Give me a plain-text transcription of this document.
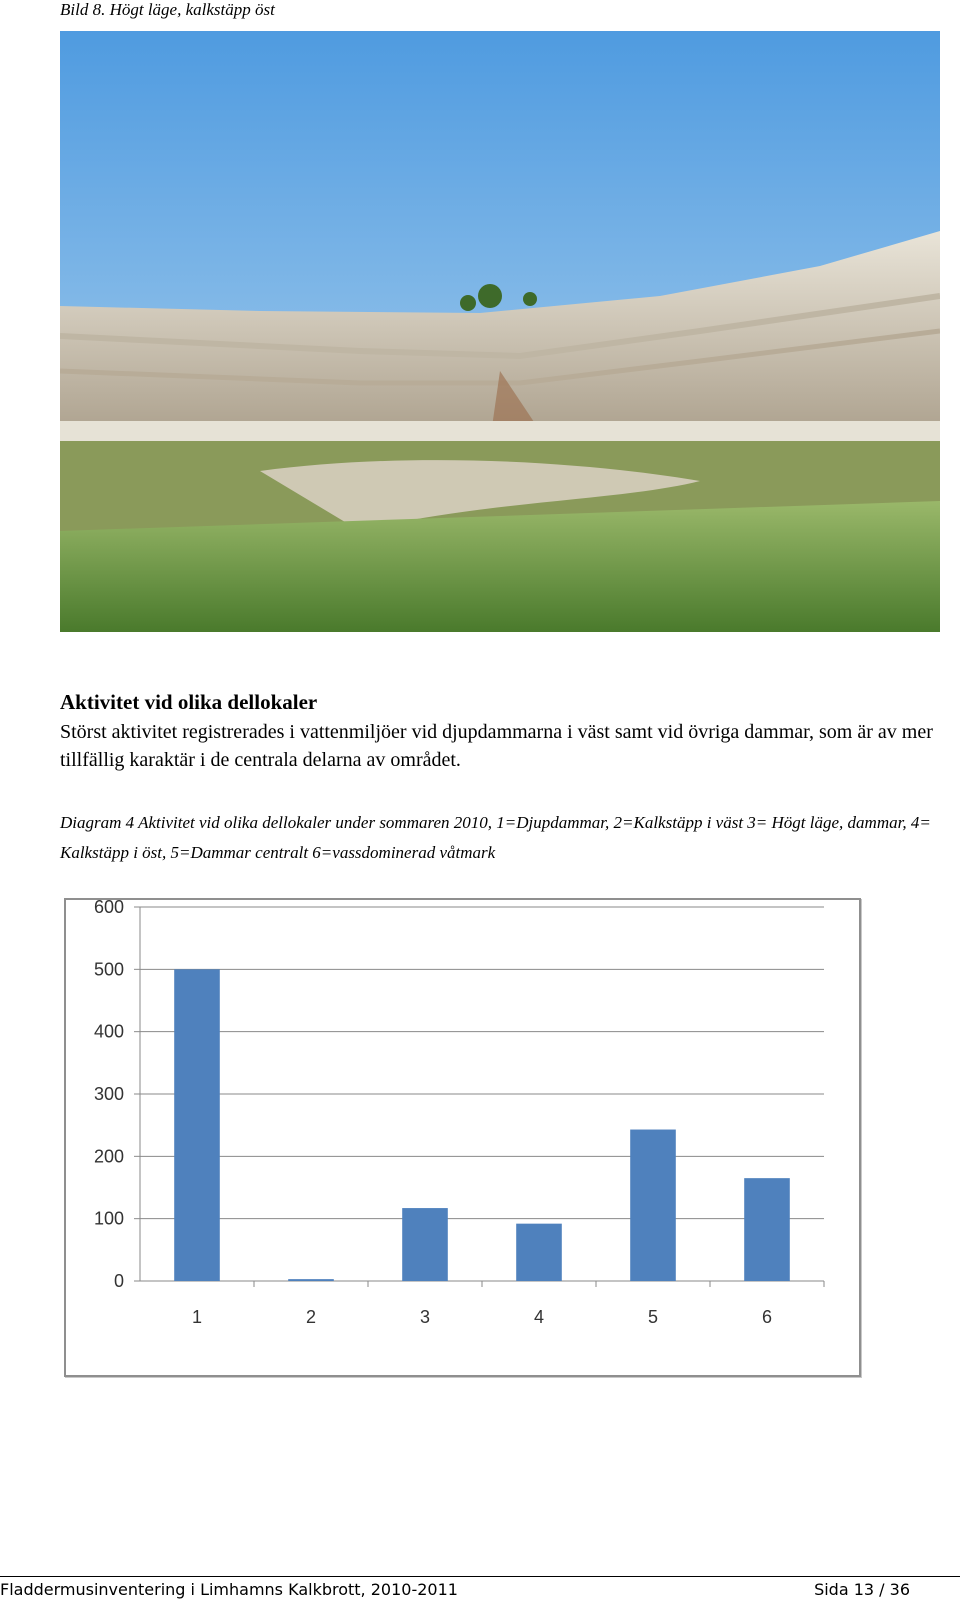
Bild 8. Högt läge, kalkstäpp öst
Aktivitet vid olika dellokaler
Störst aktivitet registrerades i vattenmiljöer vid djupdammarna i väst samt vid övriga dammar, som är av mer tillfällig karaktär i de centrala delarna av området.
Diagram 4 Aktivitet vid olika dellokaler under sommaren 2010, 1=Djupdammar, 2=Kalkstäpp i väst 3= Högt läge, dammar, 4= Kalkstäpp i öst, 5=Dammar centralt 6=vassdominerad våtmark
0
100
200
300
400
500
600
1	2	3	4	5	6
Fladdermusinventering i Limhamns Kalkbrott, 2010-2011	Sida 13 / 36
